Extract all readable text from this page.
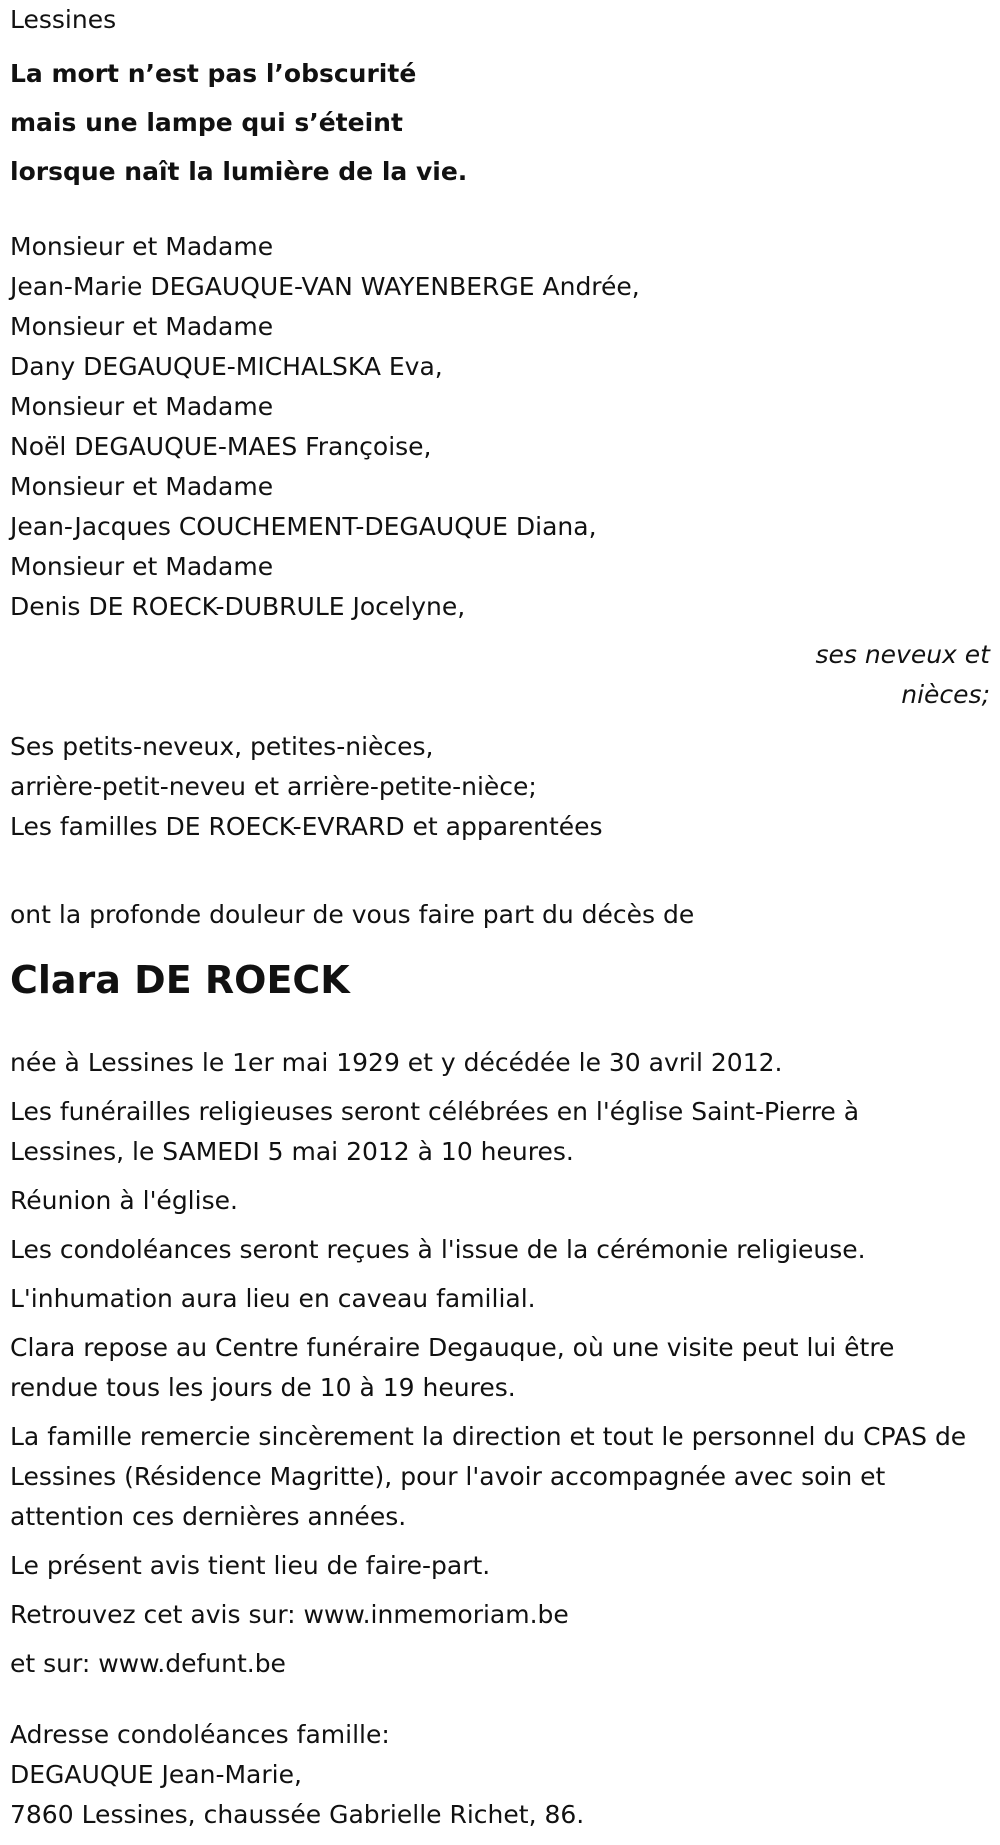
Lessines
La mort n’est pas l’obscurité
mais une lampe qui s’éteint
lorsque naît la lumière de la vie.
Monsieur et Madame
Jean-Marie DEGAUQUE-VAN WAYENBERGE Andrée,
Monsieur et Madame
Dany DEGAUQUE-MICHALSKA Eva,
Monsieur et Madame
Noël DEGAUQUE-MAES Françoise,
Monsieur et Madame
Jean-Jacques COUCHEMENT-DEGAUQUE Diana,
Monsieur et Madame
Denis DE ROECK-DUBRULE Jocelyne,
ses neveux et
nièces;
Ses petits-neveux, petites-nièces,
arrière-petit-neveu et arrière-petite-nièce;
Les familles DE ROECK-EVRARD et apparentées
ont la profonde douleur de vous faire part du décès de
Clara DE ROECK
née à Lessines le 1er mai 1929 et y décédée le 30 avril 2012.
Les funérailles religieuses seront célébrées en l'église Saint-Pierre à Lessines, le SAMEDI 5 mai 2012 à 10 heures.
Réunion à l'église.
Les condoléances seront reçues à l'issue de la cérémonie religieuse.
L'inhumation aura lieu en caveau familial.
Clara repose au Centre funéraire Degauque, où une visite peut lui être rendue tous les jours de 10 à 19 heures.
La famille remercie sincèrement la direction et tout le personnel du CPAS de Lessines (Résidence Magritte), pour l'avoir accompagnée avec soin et attention ces dernières années.
Le présent avis tient lieu de faire-part.
Retrouvez cet avis sur: www.inmemoriam.be
et sur: www.defunt.be
Adresse condoléances famille:
DEGAUQUE Jean-Marie,
7860 Lessines, chaussée Gabrielle Richet, 86.
